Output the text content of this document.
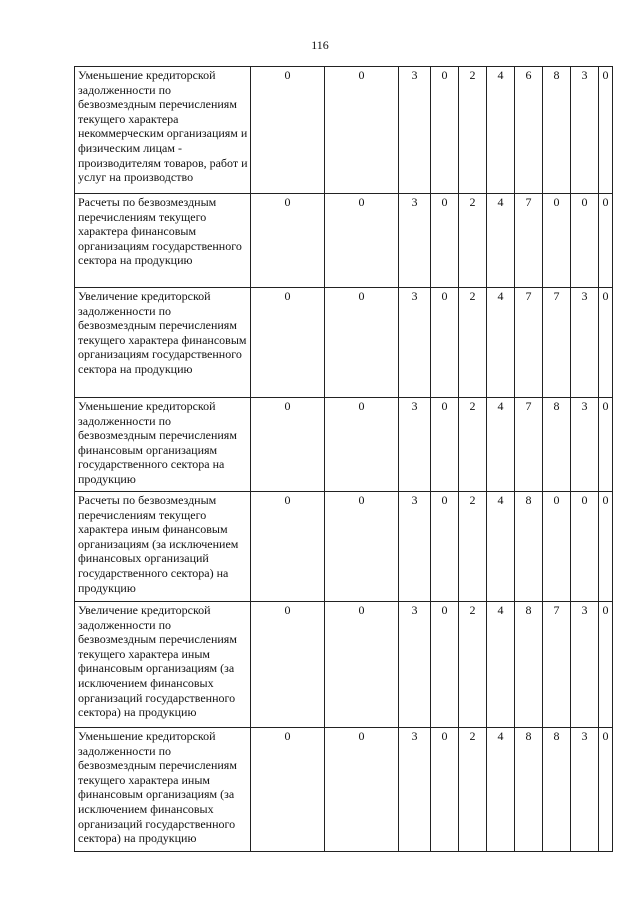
116
Уменьшение кредиторской задолженности по безвозмездным перечислениям текущего характера некоммерческим организациям и физическим лицам - производителям товаров, работ и услуг на производство	0	0	3	0	2	4	6	8	3	0
Расчеты по безвозмездным перечислениям текущего характера финансовым организациям государственного сектора на продукцию	0	0	3	0	2	4	7	0	0	0
Увеличение кредиторской задолженности по безвозмездным перечислениям текущего характера финансовым организациям государственного сектора на продукцию	0	0	3	0	2	4	7	7	3	0
Уменьшение кредиторской задолженности по безвозмездным перечислениям финансовым организациям государственного сектора на продукцию	0	0	3	0	2	4	7	8	3	0
Расчеты по безвозмездным перечислениям текущего характера иным финансовым организациям (за исключением финансовых организаций государственного сектора) на продукцию	0	0	3	0	2	4	8	0	0	0
Увеличение кредиторской задолженности по безвозмездным перечислениям текущего характера иным финансовым организациям (за исключением финансовых организаций государственного сектора) на продукцию	0	0	3	0	2	4	8	7	3	0
Уменьшение кредиторской задолженности по безвозмездным перечислениям текущего характера иным финансовым организациям (за исключением финансовых организаций государственного сектора) на продукцию	0	0	3	0	2	4	8	8	3	0
